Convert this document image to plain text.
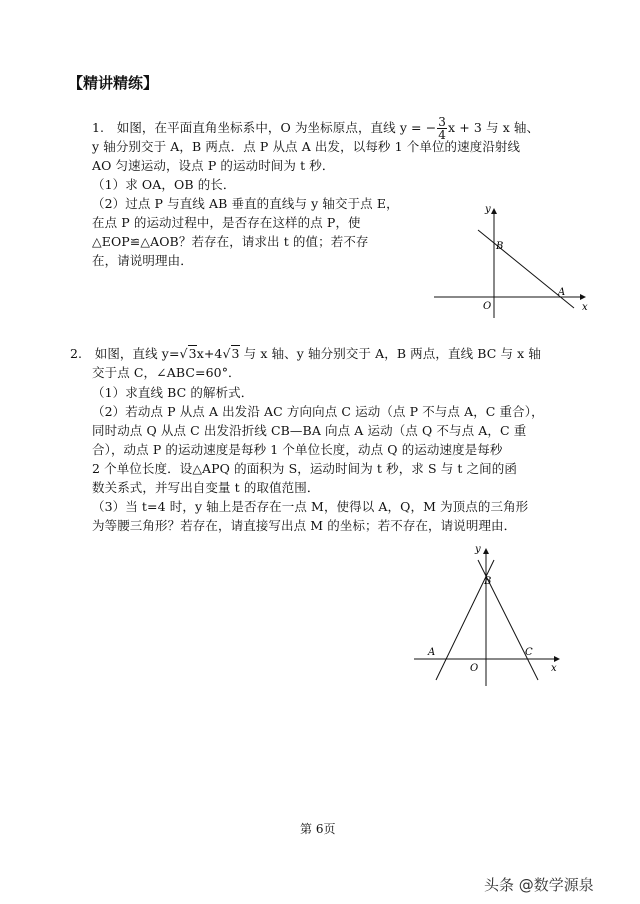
【精讲精练】
1.　如图，在平面直角坐标系中，O 为坐标原点，直线 y = − $\frac{3}{4}$ x + 3 与 x 轴、
y 轴分别交于 A，B 两点．点 P 从点 A 出发，以每秒 1 个单位的速度沿射线
AO 匀速运动，设点 P 的运动时间为 t 秒．
（1）求 OA，OB 的长．
（2）过点 P 与直线 AB 垂直的直线与 y 轴交于点 E，
在点 P 的运动过程中，是否存在这样的点 P，使
△EOP≌△AOB？若存在，请求出 t 的值；若不存
在，请说明理由．
y
x
B
A
O
2.　如图，直线 y=√3x+4√3 与 x 轴、y 轴分别交于 A，B 两点，直线 BC 与 x 轴
交于点 C，∠ABC=60°．
（1）求直线 BC 的解析式．
（2）若动点 P 从点 A 出发沿 AC 方向向点 C 运动（点 P 不与点 A，C 重合），
同时动点 Q 从点 C 出发沿折线 CB—BA 向点 A 运动（点 Q 不与点 A，C 重
合），动点 P 的运动速度是每秒 1 个单位长度，动点 Q 的运动速度是每秒
2 个单位长度．设△APQ 的面积为 S，运动时间为 t 秒，求 S 与 t 之间的函
数关系式，并写出自变量 t 的取值范围．
（3）当 t=4 时，y 轴上是否存在一点 M，使得以 A，Q，M 为顶点的三角形
为等腰三角形？若存在，请直接写出点 M 的坐标；若不存在，请说明理由．
y
x
B
A	C
O
第 6页
头条 @数学源泉
